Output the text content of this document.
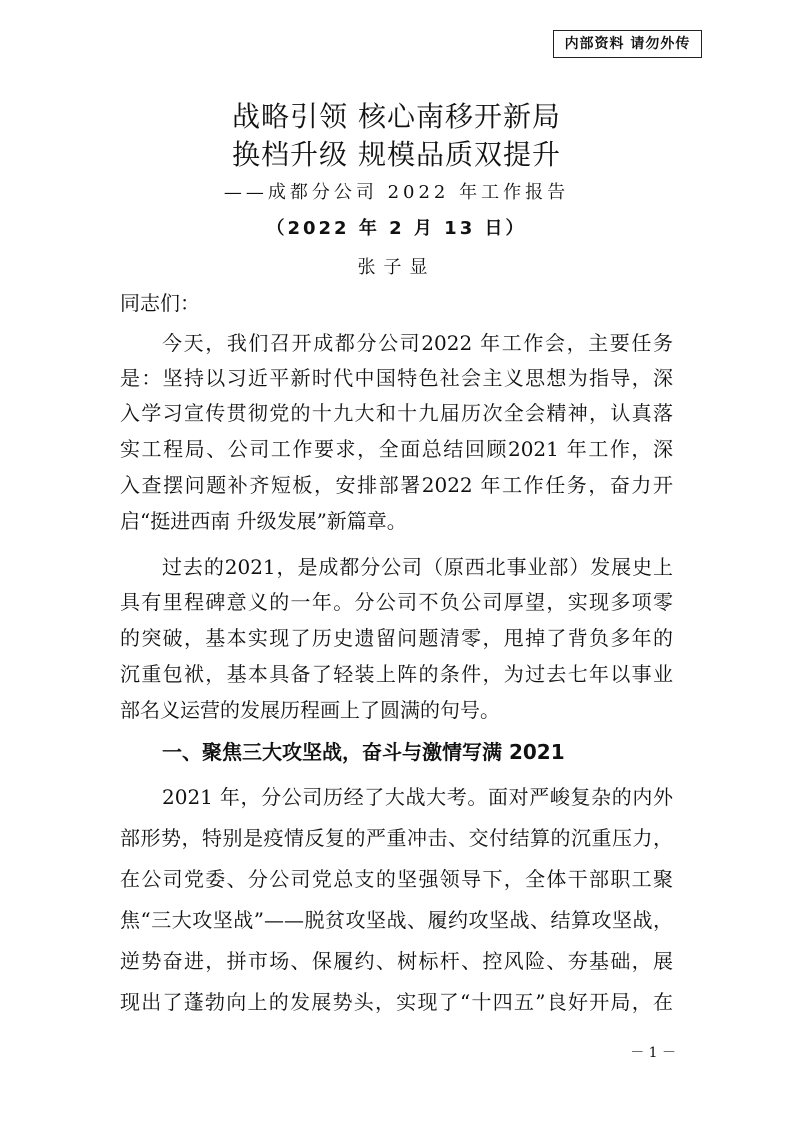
内部资料 请勿外传
战略引领 核心南移开新局
换档升级 规模品质双提升
——成都分公司 2022 年工作报告
（2022 年 2 月 13 日）
张子显
同志们：
今天，我们召开成都分公司2022 年工作会，主要任务
是：坚持以习近平新时代中国特色社会主义思想为指导，深
入学习宣传贯彻党的十九大和十九届历次全会精神，认真落
实工程局、公司工作要求，全面总结回顾2021 年工作，深
入查摆问题补齐短板，安排部署2022 年工作任务，奋力开
启“挺进西南 升级发展”新篇章。
过去的2021，是成都分公司（原西北事业部）发展史上
具有里程碑意义的一年。分公司不负公司厚望，实现多项零
的突破，基本实现了历史遗留问题清零，甩掉了背负多年的
沉重包袱，基本具备了轻装上阵的条件，为过去七年以事业
部名义运营的发展历程画上了圆满的句号。
一、聚焦三大攻坚战，奋斗与激情写满 2021
2021 年，分公司历经了大战大考。面对严峻复杂的内外
部形势，特别是疫情反复的严重冲击、交付结算的沉重压力，
在公司党委、分公司党总支的坚强领导下，全体干部职工聚
焦“三大攻坚战”——脱贫攻坚战、履约攻坚战、结算攻坚战，
逆势奋进，拼市场、保履约、树标杆、控风险、夯基础，展
现出了蓬勃向上的发展势头，实现了“十四五”良好开局，在
－ 1 －
